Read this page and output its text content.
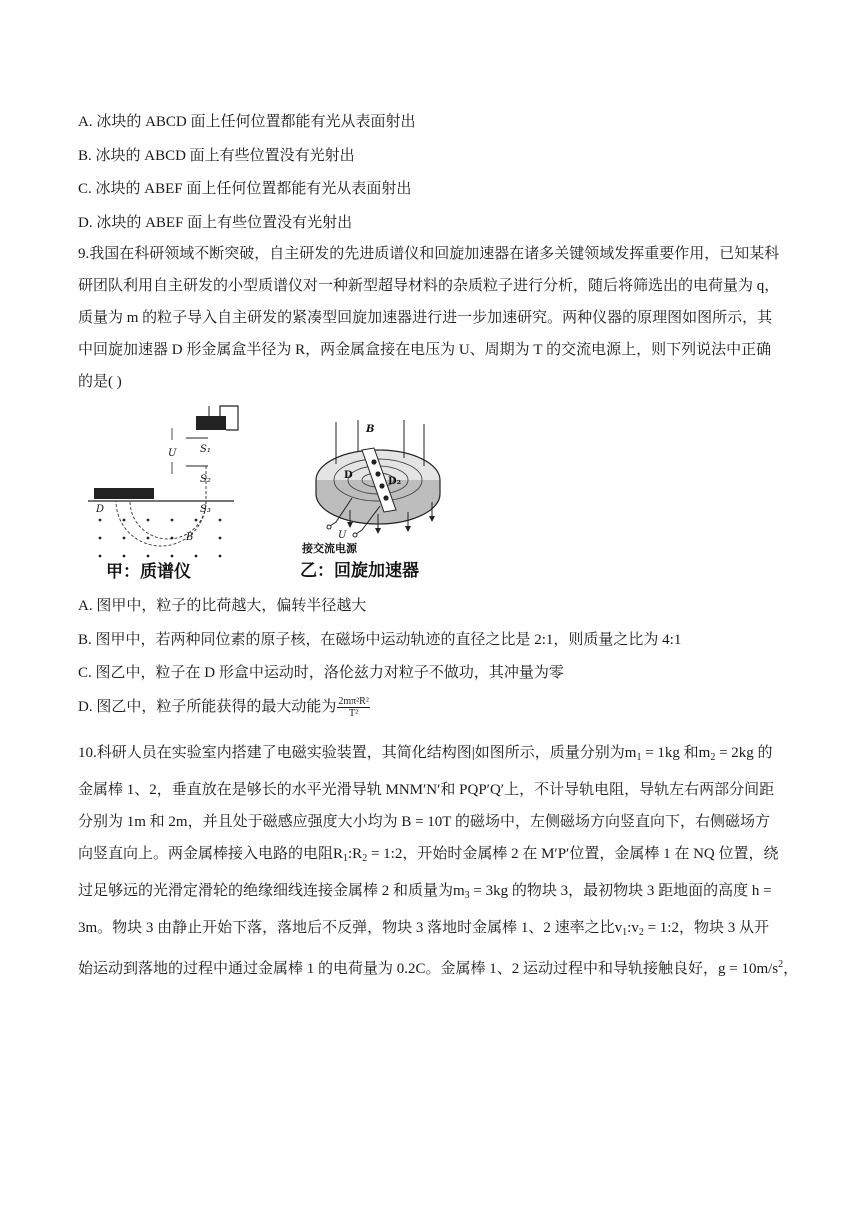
A. 冰块的 ABCD 面上任何位置都能有光从表面射出
B. 冰块的 ABCD 面上有些位置没有光射出
C. 冰块的 ABEF 面上任何位置都能有光从表面射出
D. 冰块的 ABEF 面上有些位置没有光射出
9.我国在科研领域不断突破，自主研发的先进质谱仪和回旋加速器在诸多关键领域发挥重要作用，已知某科
研团队利用自主研发的小型质谱仪对一种新型超导材料的杂质粒子进行分析，随后将筛选出的电荷量为 q，
质量为 m 的粒子导入自主研发的紧凑型回旋加速器进行进一步加速研究。两种仪器的原理图如图所示，其
中回旋加速器 D 形金属盒半径为 R，两金属盒接在电压为 U、周期为 T 的交流电源上，则下列说法中正确
的是( )
U S₁
S₂
S₃
D
B
甲：质谱仪
B
D
D₂
U
接交流电源
乙：回旋加速器
A. 图甲中，粒子的比荷越大，偏转半径越大
B. 图甲中，若两种同位素的原子核，在磁场中运动轨迹的直径之比是 2:1，则质量之比为 4:1
C. 图乙中，粒子在 D 形盒中运动时，洛伦兹力对粒子不做功，其冲量为零
D. 图乙中，粒子所能获得的最大动能为 $\frac{\text{2mπ²R²}}{\text{T²}}$
10.科研人员在实验室内搭建了电磁实验装置，其简化结构图|如图所示，质量分别为$m_1 = 1kg$ 和$m_2 = 2kg$ 的
金属棒 1、2，垂直放在是够长的水平光滑导轨 MNM′N′和 PQP′Q′上，不计导轨电阻，导轨左右两部分间距
分别为 1m 和 2m，并且处于磁感应强度大小均为 B = 10T 的磁场中，左侧磁场方向竖直向下，右侧磁场方
向竖直向上。两金属棒接入电路的电阻$R_1:R_2$ = 1:2，开始时金属棒 2 在 M′P′位置，金属棒 1 在 NQ 位置，绕
过足够远的光滑定滑轮的绝缘细线连接金属棒 2 和质量为$m_3 = 3kg$ 的物块 3，最初物块 3 距地面的高度 h =
3m。物块 3 由静止开始下落，落地后不反弹，物块 3 落地时金属棒 1、2 速率之比$v_1:v_2$ = 1:2，物块 3 从开
始运动到落地的过程中通过金属棒 1 的电荷量为 0.2C。金属棒 1、2 运动过程中和导轨接触良好，$g = 10m/s^2$，
